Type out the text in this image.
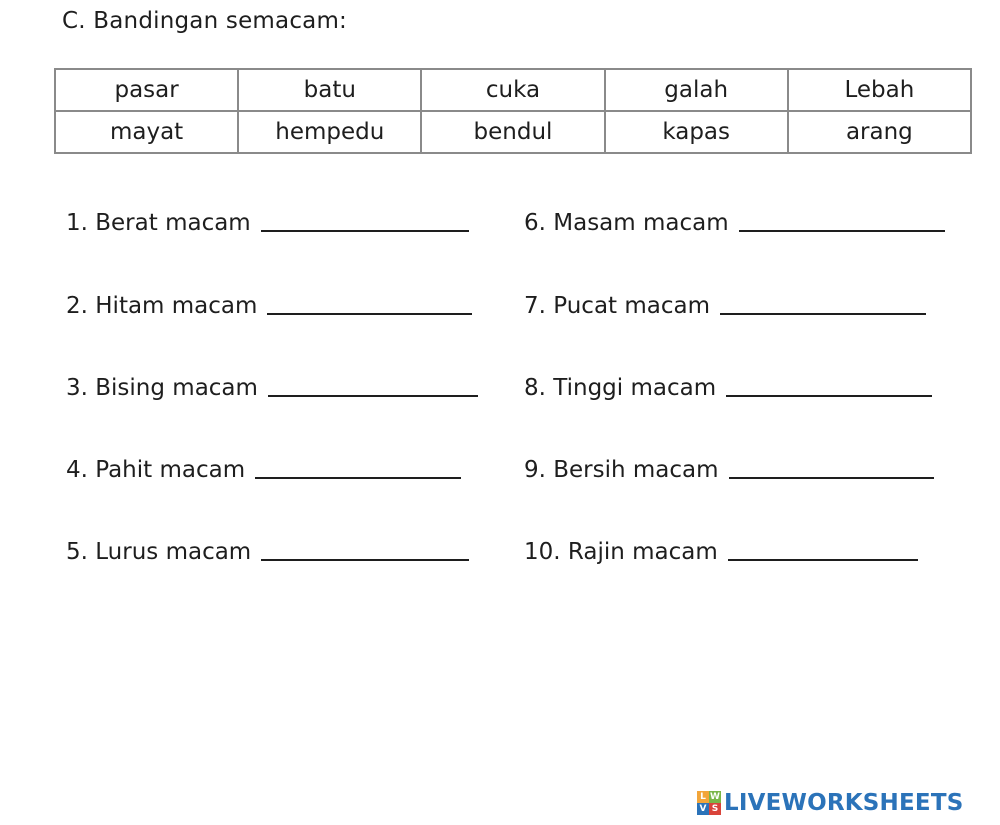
C. Bandingan semacam:
pasar	batu	cuka	galah	Lebah
mayat	hempedu	bendul	kapas	arang
1. Berat macam
2. Hitam macam
3. Bising macam
4. Pahit macam
5. Lurus macam
6. Masam macam
7. Pucat macam
8. Tinggi macam
9. Bersih macam
10. Rajin macam
L W
V S LIVEWORKSHEETS
